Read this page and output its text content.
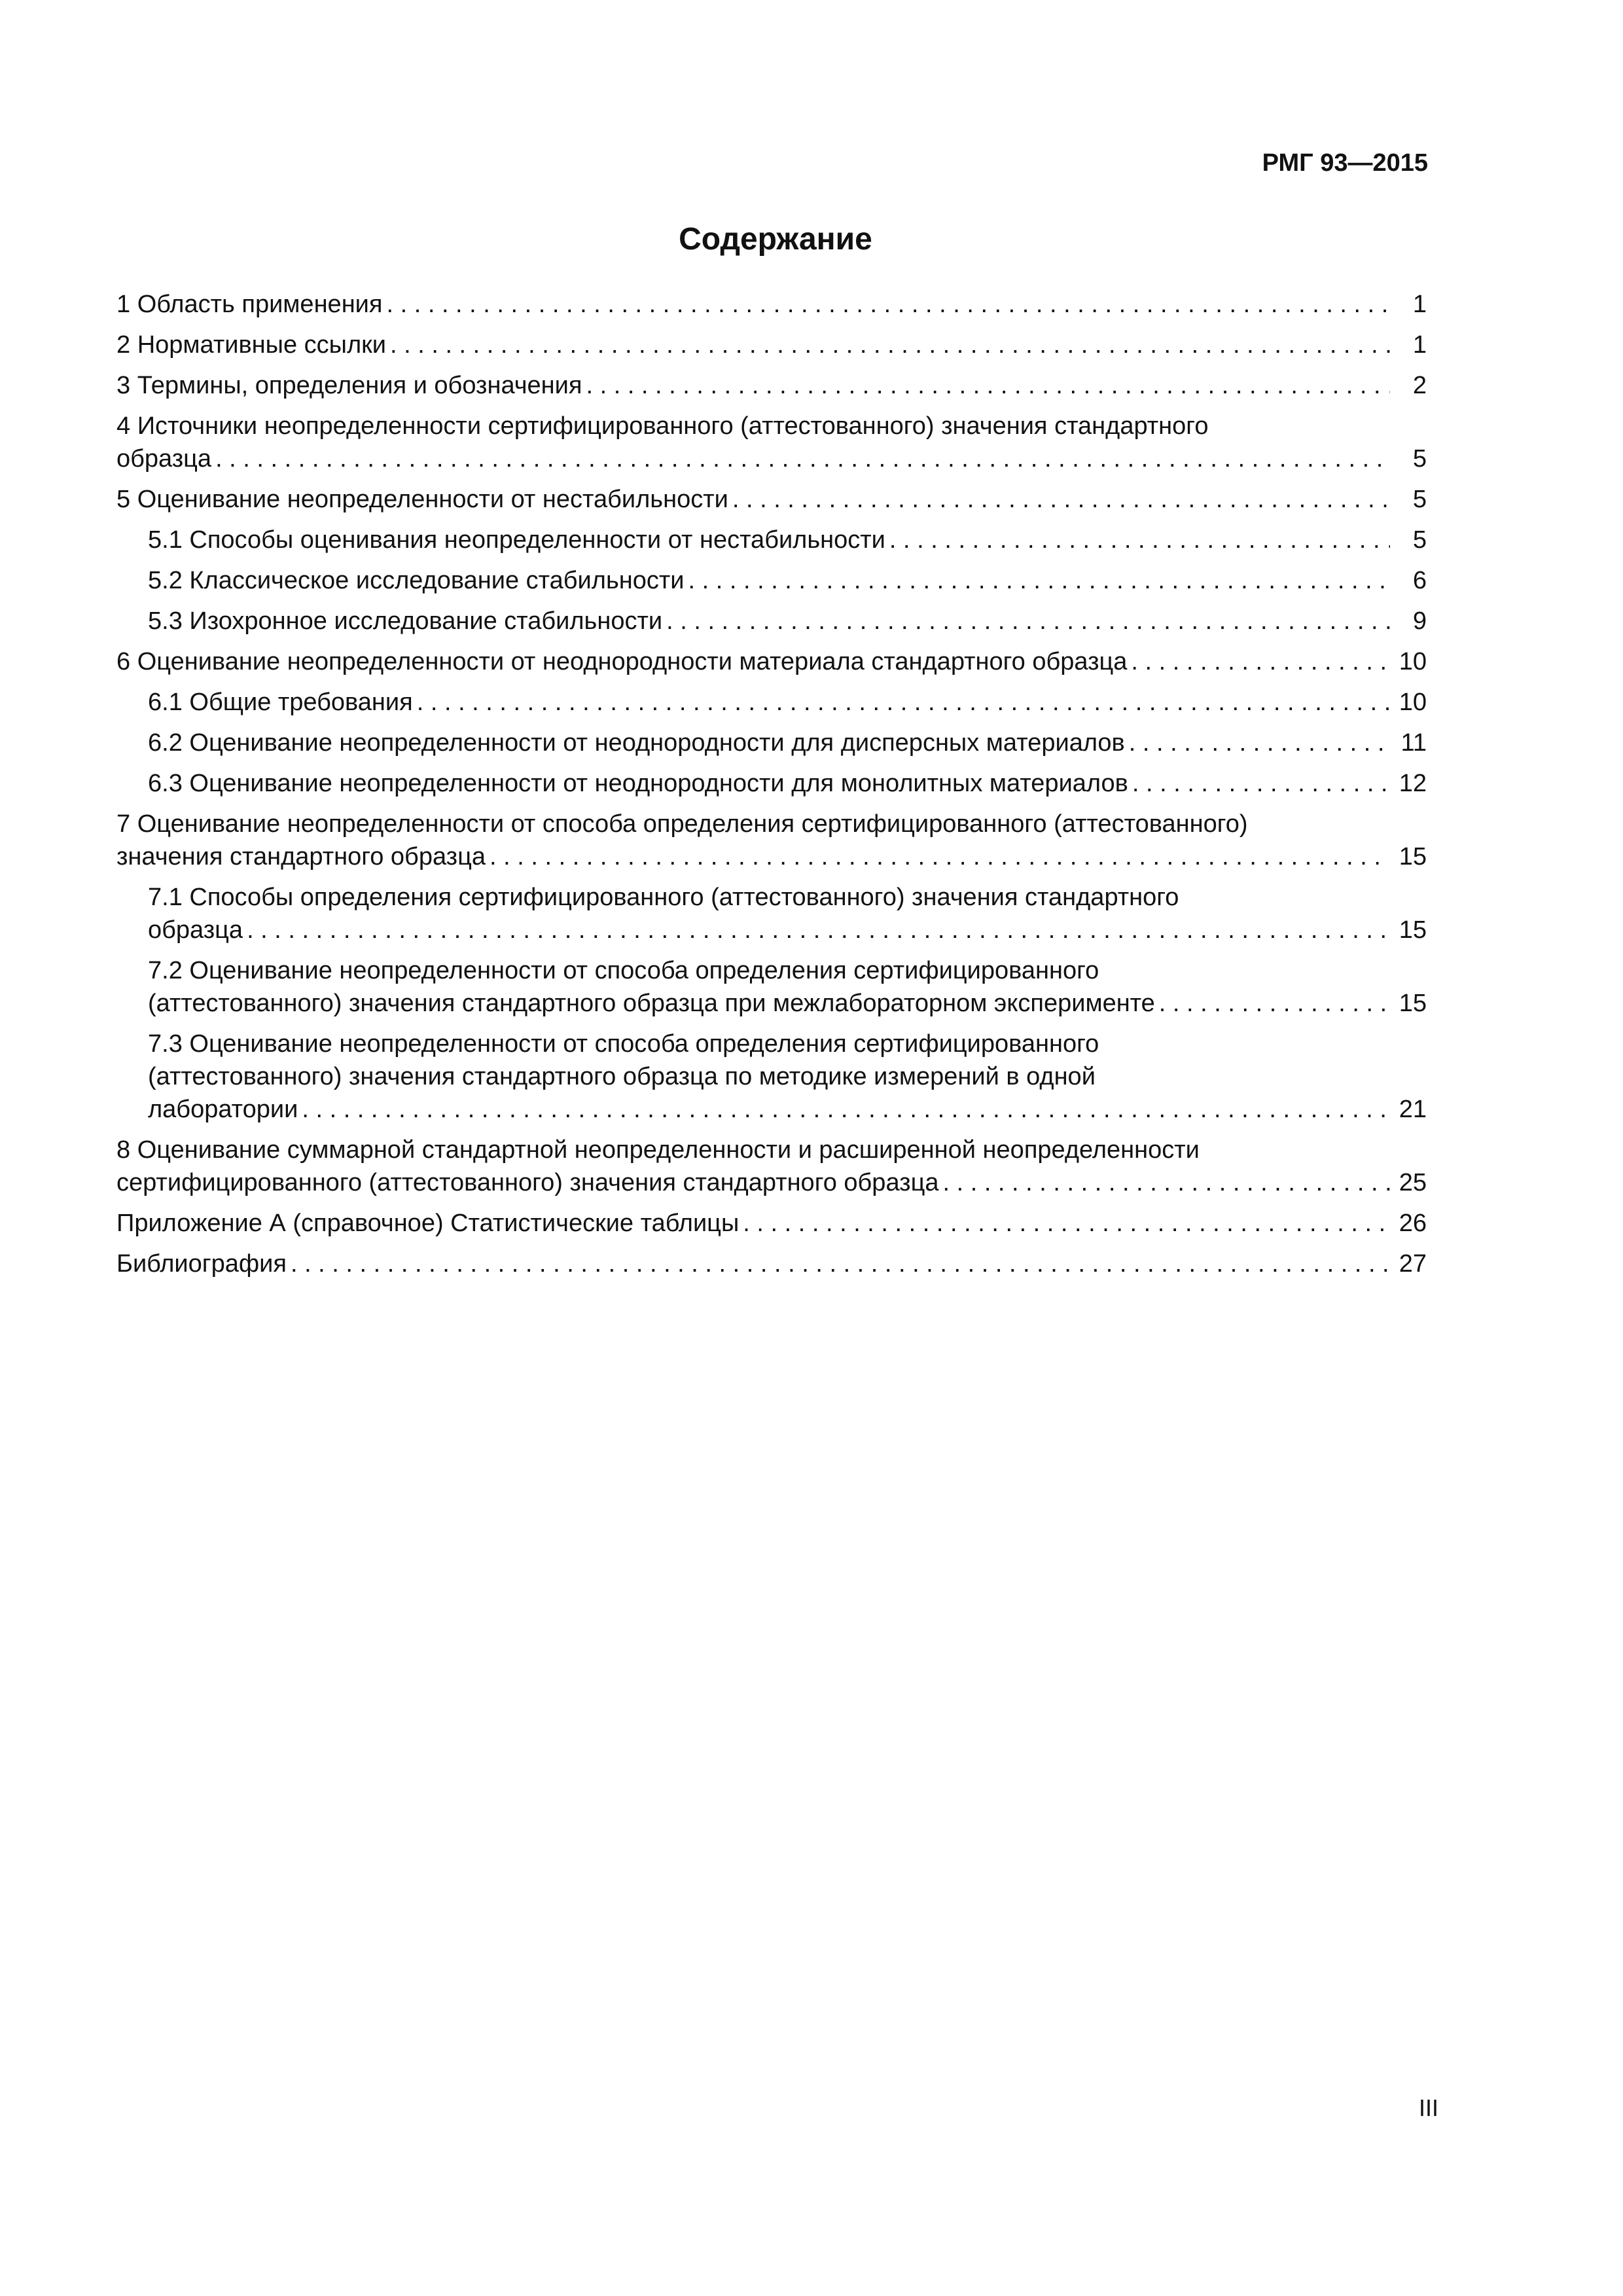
РМГ 93—2015
Содержание
1 Область применения . . .	1
2 Нормативные ссылки . . .	1
3 Термины, определения и обозначения . . .	2
4 Источники неопределенности сертифицированного (аттестованного) значения стандартного
образца . . .	5
5 Оценивание неопределенности от нестабильности . . .	5
5.1 Способы оценивания неопределенности от нестабильности . . .	5
5.2 Классическое исследование стабильности . . .	6
5.3 Изохронное исследование стабильности . . .	9
6 Оценивание неопределенности от неоднородности материала стандартного образца . . .	10
6.1 Общие требования . . .	10
6.2 Оценивание неопределенности от неоднородности для дисперсных материалов . . .	11
6.3 Оценивание неопределенности от неоднородности для монолитных материалов . . .	12
7 Оценивание неопределенности от способа определения сертифицированного (аттестованного)
значения стандартного образца . . .	15
7.1 Способы определения сертифицированного (аттестованного) значения стандартного
образца . . .	15
7.2 Оценивание неопределенности от способа определения сертифицированного
(аттестованного) значения стандартного образца при межлабораторном эксперименте . . .	15
7.3 Оценивание неопределенности от способа определения сертифицированного
(аттестованного) значения стандартного образца по методике измерений в одной
лаборатории . . .	21
8 Оценивание суммарной стандартной неопределенности и расширенной неопределенности
сертифицированного (аттестованного) значения стандартного образца . . .	25
Приложение А (справочное) Статистические таблицы . . .	26
Библиография . . .	27
III
